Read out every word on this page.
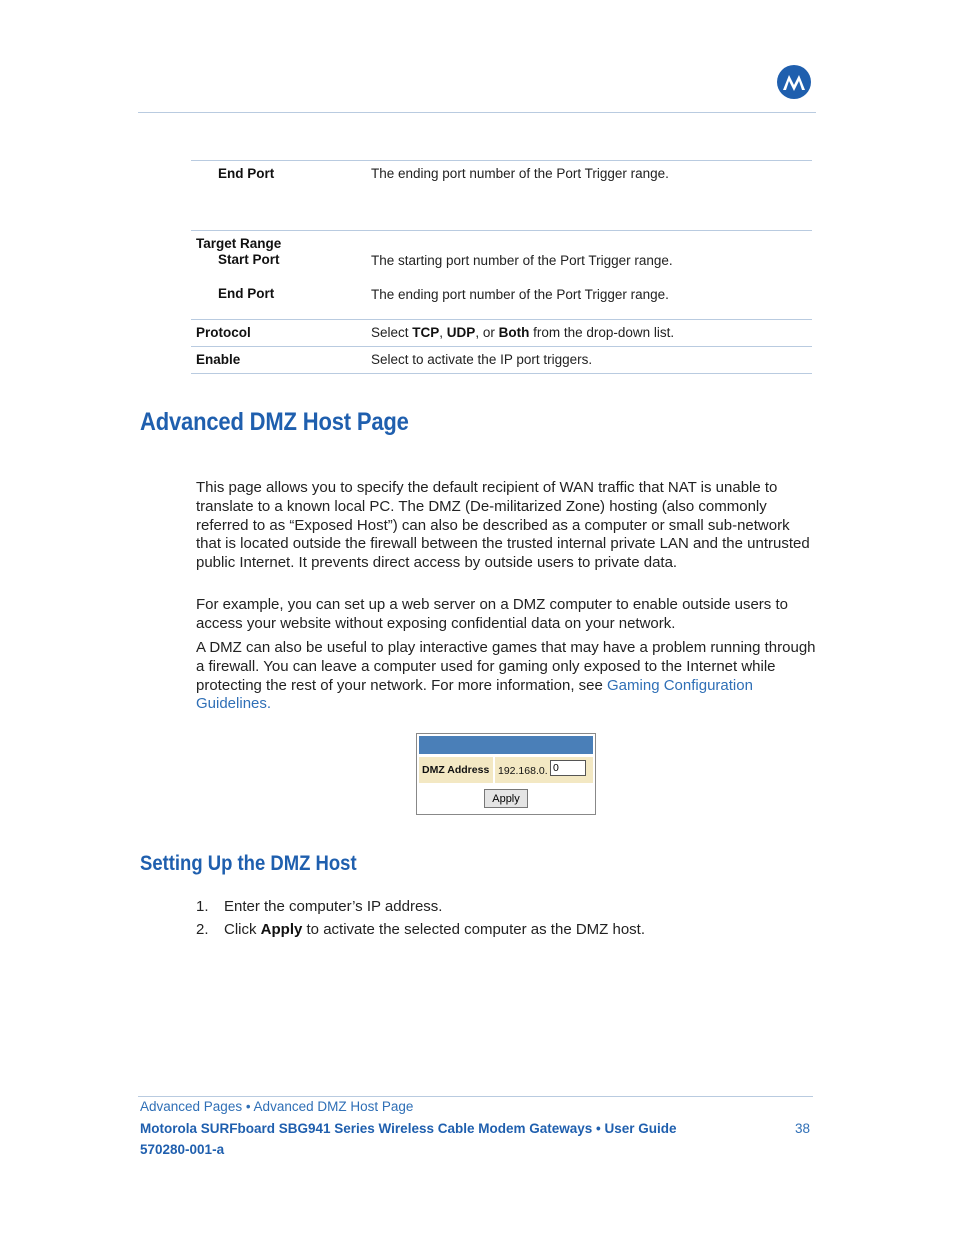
End Port	The ending port number of the Port Trigger range.
Target Range
Start Port	The starting port number of the Port Trigger range.
End Port	The ending port number of the Port Trigger range.
Protocol	Select TCP, UDP, or Both from the drop-down list.
Enable	Select to activate the IP port triggers.
Advanced DMZ Host Page

This page allows you to specify the default recipient of WAN traffic that NAT is unable to translate to a known local PC. The DMZ (De-militarized Zone) hosting (also commonly referred to as “Exposed Host”) can also be described as a computer or small sub-network that is located outside the firewall between the trusted internal private LAN and the untrusted public Internet. It prevents direct access by outside users to private data.

For example, you can set up a web server on a DMZ computer to enable outside users to access your website without exposing confidential data on your network.

A DMZ can also be useful to play interactive games that may have a problem running through a firewall. You can leave a computer used for gaming only exposed to the Internet while protecting the rest of your network. For more information, see Gaming Configuration Guidelines.

DMZ Address 192.168.0.
0
Apply
Setting Up the DMZ Host
1. Enter the computer’s IP address.
2. Click Apply to activate the selected computer as the DMZ host.
Advanced Pages • Advanced DMZ Host Page
Motorola SURFboard SBG941 Series Wireless Cable Modem Gateways • User Guide
570280-001-a
38
